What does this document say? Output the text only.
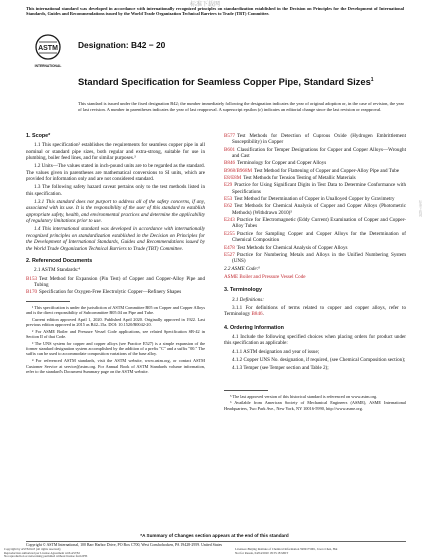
This international standard was developed in accordance with internationally recognized principles on standardization established in the Decision on Principles for the Development of International Standards, Guides and Recommendations issued by the World Trade Organization Technical Barriers to Trade (TBT) Committee.
标准下载网
ASTM
INTERNATIONAL
Designation: B42 − 20
Standard Specification for Seamless Copper Pipe, Standard Sizes$^1$
This standard is issued under the fixed designation B42; the number immediately following the designation indicates the year of original adoption or, in the case of revision, the year of last revision. A number in parentheses indicates the year of last reapproval. A superscript epsilon (ε) indicates an editorial change since the last revision or reapproval.
1. Scope*

1.1 This specification² establishes the requirements for seamless copper pipe in all nominal or standard pipe sizes, both regular and extra-strong, suitable for use in plumbing, boiler feed lines, and for similar purposes.³

1.2 Units—The values stated in inch-pound units are to be regarded as the standard. The values given in parentheses are mathematical conversions to SI units, which are provided for information only and are not considered standard.

1.3 The following safety hazard caveat pertains only to the test methods listed in this specification.

1.3.1 This standard does not purport to address all of the safety concerns, if any, associated with its use. It is the responsibility of the user of this standard to establish appropriate safety, health, and environmental practices and determine the applicability of regulatory limitations prior to use.

1.4 This international standard was developed in accordance with internationally recognized principles on standardization established in the Decision on Principles for the Development of International Standards, Guides and Recommendations issued by the World Trade Organization Technical Barriers to Trade (TBT) Committee.

2. Referenced Documents

2.1 ASTM Standards:⁴

B153 Test Method for Expansion (Pin Test) of Copper and Copper-Alloy Pipe and Tubing
B170 Specification for Oxygen-Free Electrolytic Copper—Refinery Shapes
¹ This specification is under the jurisdiction of ASTM Committee B05 on Copper and Copper Alloys and is the direct responsibility of Subcommittee B05.04 on Pipe and Tube.
Current edition approved April 1, 2020. Published April 2020. Originally approved in 1922. Last previous edition approved in 2015 as B42–15a. DOI: 10.1520/B0042-20.
² For ASME Boiler and Pressure Vessel Code applications, see related Specification SB-42 in Section II of that Code.
³ The UNS system for copper and copper alloys (see Practice E527) is a simple expansion of the former standard designation system accomplished by the addition of a prefix "C" and a suffix "00." The suffix can be used to accommodate composition variations of the base alloy.
⁴ For referenced ASTM standards, visit the ASTM website, www.astm.org, or contact ASTM Customer Service at service@astm.org. For Annual Book of ASTM Standards volume information, refer to the standard's Document Summary page on the ASTM website.
B577 Test Methods for Detection of Cuprous Oxide (Hydrogen Embrittlement Susceptibility) in Copper
B601 Classification for Temper Designations for Copper and Copper Alloys—Wrought and Cast
B846 Terminology for Copper and Copper Alloys
B968/B968M Test Method for Flattening of Copper and Copper-Alloy Pipe and Tube
E8/E8M Test Methods for Tension Testing of Metallic Materials
E29 Practice for Using Significant Digits in Test Data to Determine Conformance with Specifications
E53 Test Method for Determination of Copper in Unalloyed Copper by Gravimetry
E62 Test Methods for Chemical Analysis of Copper and Copper Alloys (Photometric Methods) (Withdrawn 2010)⁵
E243 Practice for Electromagnetic (Eddy Current) Examination of Copper and Copper-Alloy Tubes
E255 Practice for Sampling Copper and Copper Alloys for the Determination of Chemical Composition
E478 Test Methods for Chemical Analysis of Copper Alloys
E527 Practice for Numbering Metals and Alloys in the Unified Numbering System (UNS)

2.2 ASME Code:⁶

ASME Boiler and Pressure Vessel Code
3. Terminology

3.1 Definitions:

3.1.1 For definitions of terms related to copper and copper alloys, refer to Terminology B846.

4. Ordering Information

4.1 Include the following specified choices when placing orders for product under this specification as applicable:

4.1.1 ASTM designation and year of issue;

4.1.2 Copper UNS No. designation, if required, (see Chemical Composition section);

4.1.3 Temper (see Temper section and Table 2);

⁵ The last approved version of this historical standard is referenced on www.astm.org.
⁶ Available from American Society of Mechanical Engineers (ASME), ASME International Headquarters, Two Park Ave., New York, NY 10016-5990, http://www.asme.org.
标准下载网
*A Summary of Changes section appears at the end of this standard
Copyright © ASTM International, 100 Barr Harbor Drive, PO Box C700, West Conshohocken, PA 19428-2959. United States
Copyright by ASTM Int'l (all rights reserved);
Reproduction authorized per License Agreement with ASTM
No reproduction or networking permitted without license from IHS
Licensee=Beijing Institute of Chemical Information 5999175001, User=Chen, Hui
Not for Resale, 04/04/2020 18:35:18 MDT
